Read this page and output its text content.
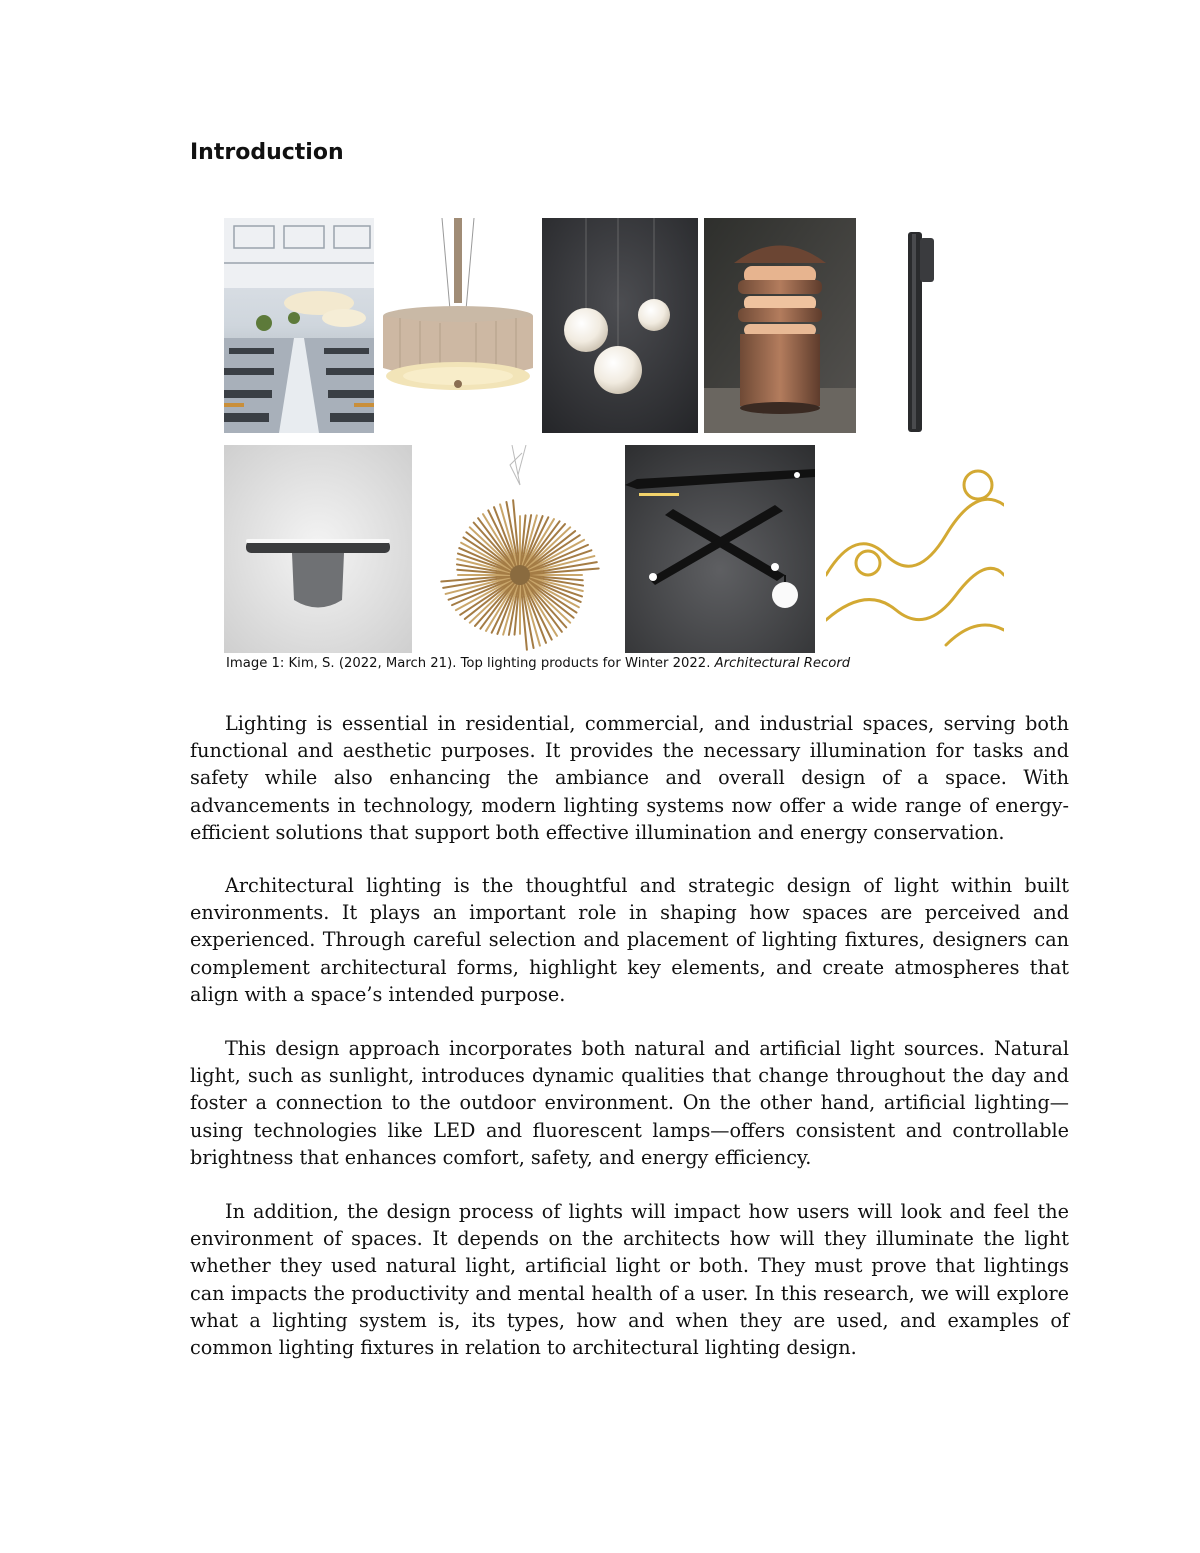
Introduction
Image 1: Kim, S. (2022, March 21). Top lighting products for Winter 2022. Architectural Record

Lighting is essential in residential, commercial, and industrial spaces, serving both functional and aesthetic purposes. It provides the necessary illumination for tasks and safety while also enhancing the ambiance and overall design of a space. With advancements in technology, modern lighting systems now offer a wide range of energy-efficient solutions that support both effective illumination and energy conservation.

Architectural lighting is the thoughtful and strategic design of light within built environments. It plays an important role in shaping how spaces are perceived and experienced. Through careful selection and placement of lighting fixtures, designers can complement architectural forms, highlight key elements, and create atmospheres that align with a space’s intended purpose.

This design approach incorporates both natural and artificial light sources. Natural light, such as sunlight, introduces dynamic qualities that change throughout the day and foster a connection to the outdoor environment. On the other hand, artificial lighting—using technologies like LED and fluorescent lamps—offers consistent and controllable brightness that enhances comfort, safety, and energy efficiency.

In addition, the design process of lights will impact how users will look and feel the environment of spaces. It depends on the architects how will they illuminate the light whether they used natural light, artificial light or both. They must prove that lightings can impacts the productivity and mental health of a user. In this research, we will explore what a lighting system is, its types, how and when they are used, and examples of common lighting fixtures in relation to architectural lighting design.
